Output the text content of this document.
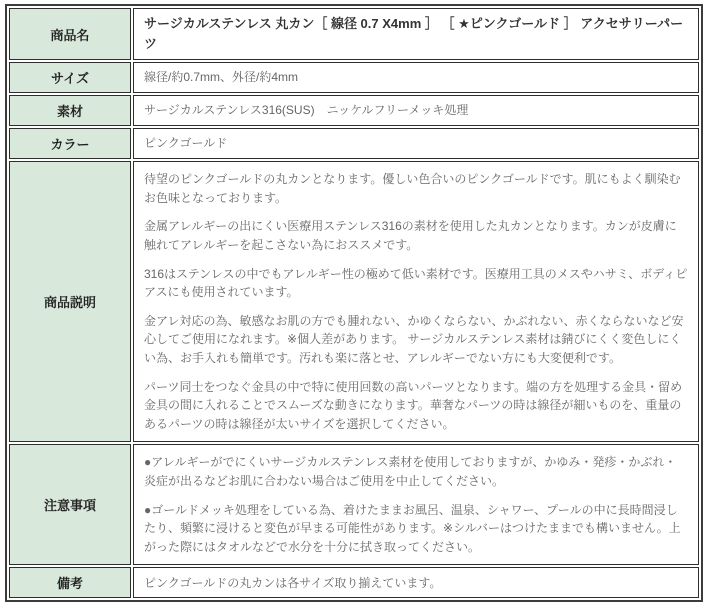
商品名	サージカルステンレス 丸カン［ 線径 0.7 X4mm ］ ［ ★ピンクゴールド ］ アクセサリーパーツ

サイズ	線径/約0.7mm、外径/約4mm

素材	サージカルステンレス316(SUS)　ニッケルフリーメッキ処理

カラー	ピンクゴールド

商品説明	待望のピンクゴールドの丸カンとなります。優しい色合いのピンクゴールドです。肌にもよく馴染むお色味となっております。

金属アレルギーの出にくい医療用ステンレス316の素材を使用した丸カンとなります。カンが皮膚に触れてアレルギーを起こさない為におススメです。

316はステンレスの中でもアレルギー性の極めて低い素材です。医療用工具のメスやハサミ、ボディピアスにも使用されています。

金アレ対応の為、敏感なお肌の方でも腫れない、かゆくならない、かぶれない、赤くならないなど安心してご使用になれます。※個人差があります。 サージカルステンレス素材は錆びにくく変色しにくい為、お手入れも簡単です。汚れも楽に落とせ、アレルギーでない方にも大変便利です。

パーツ同士をつなぐ金具の中で特に使用回数の高いパーツとなります。端の方を処理する金具・留め金具の間に入れることでスムーズな動きになります。華奢なパーツの時は線径が細いものを、重量のあるパーツの時は線径が太いサイズを選択してください。

注意事項	●アレルギーがでにくいサージカルステンレス素材を使用しておりますが、かゆみ・発疹・かぶれ・炎症が出るなどお肌に合わない場合はご使用を中止してください。

●ゴールドメッキ処理をしている為、着けたままお風呂、温泉、シャワー、プールの中に長時間浸したり、頻繁に浸けると変色が早まる可能性があります。※シルバーはつけたままでも構いません。上がった際にはタオルなどで水分を十分に拭き取ってください。

備考	ピンクゴールドの丸カンは各サイズ取り揃えています。
